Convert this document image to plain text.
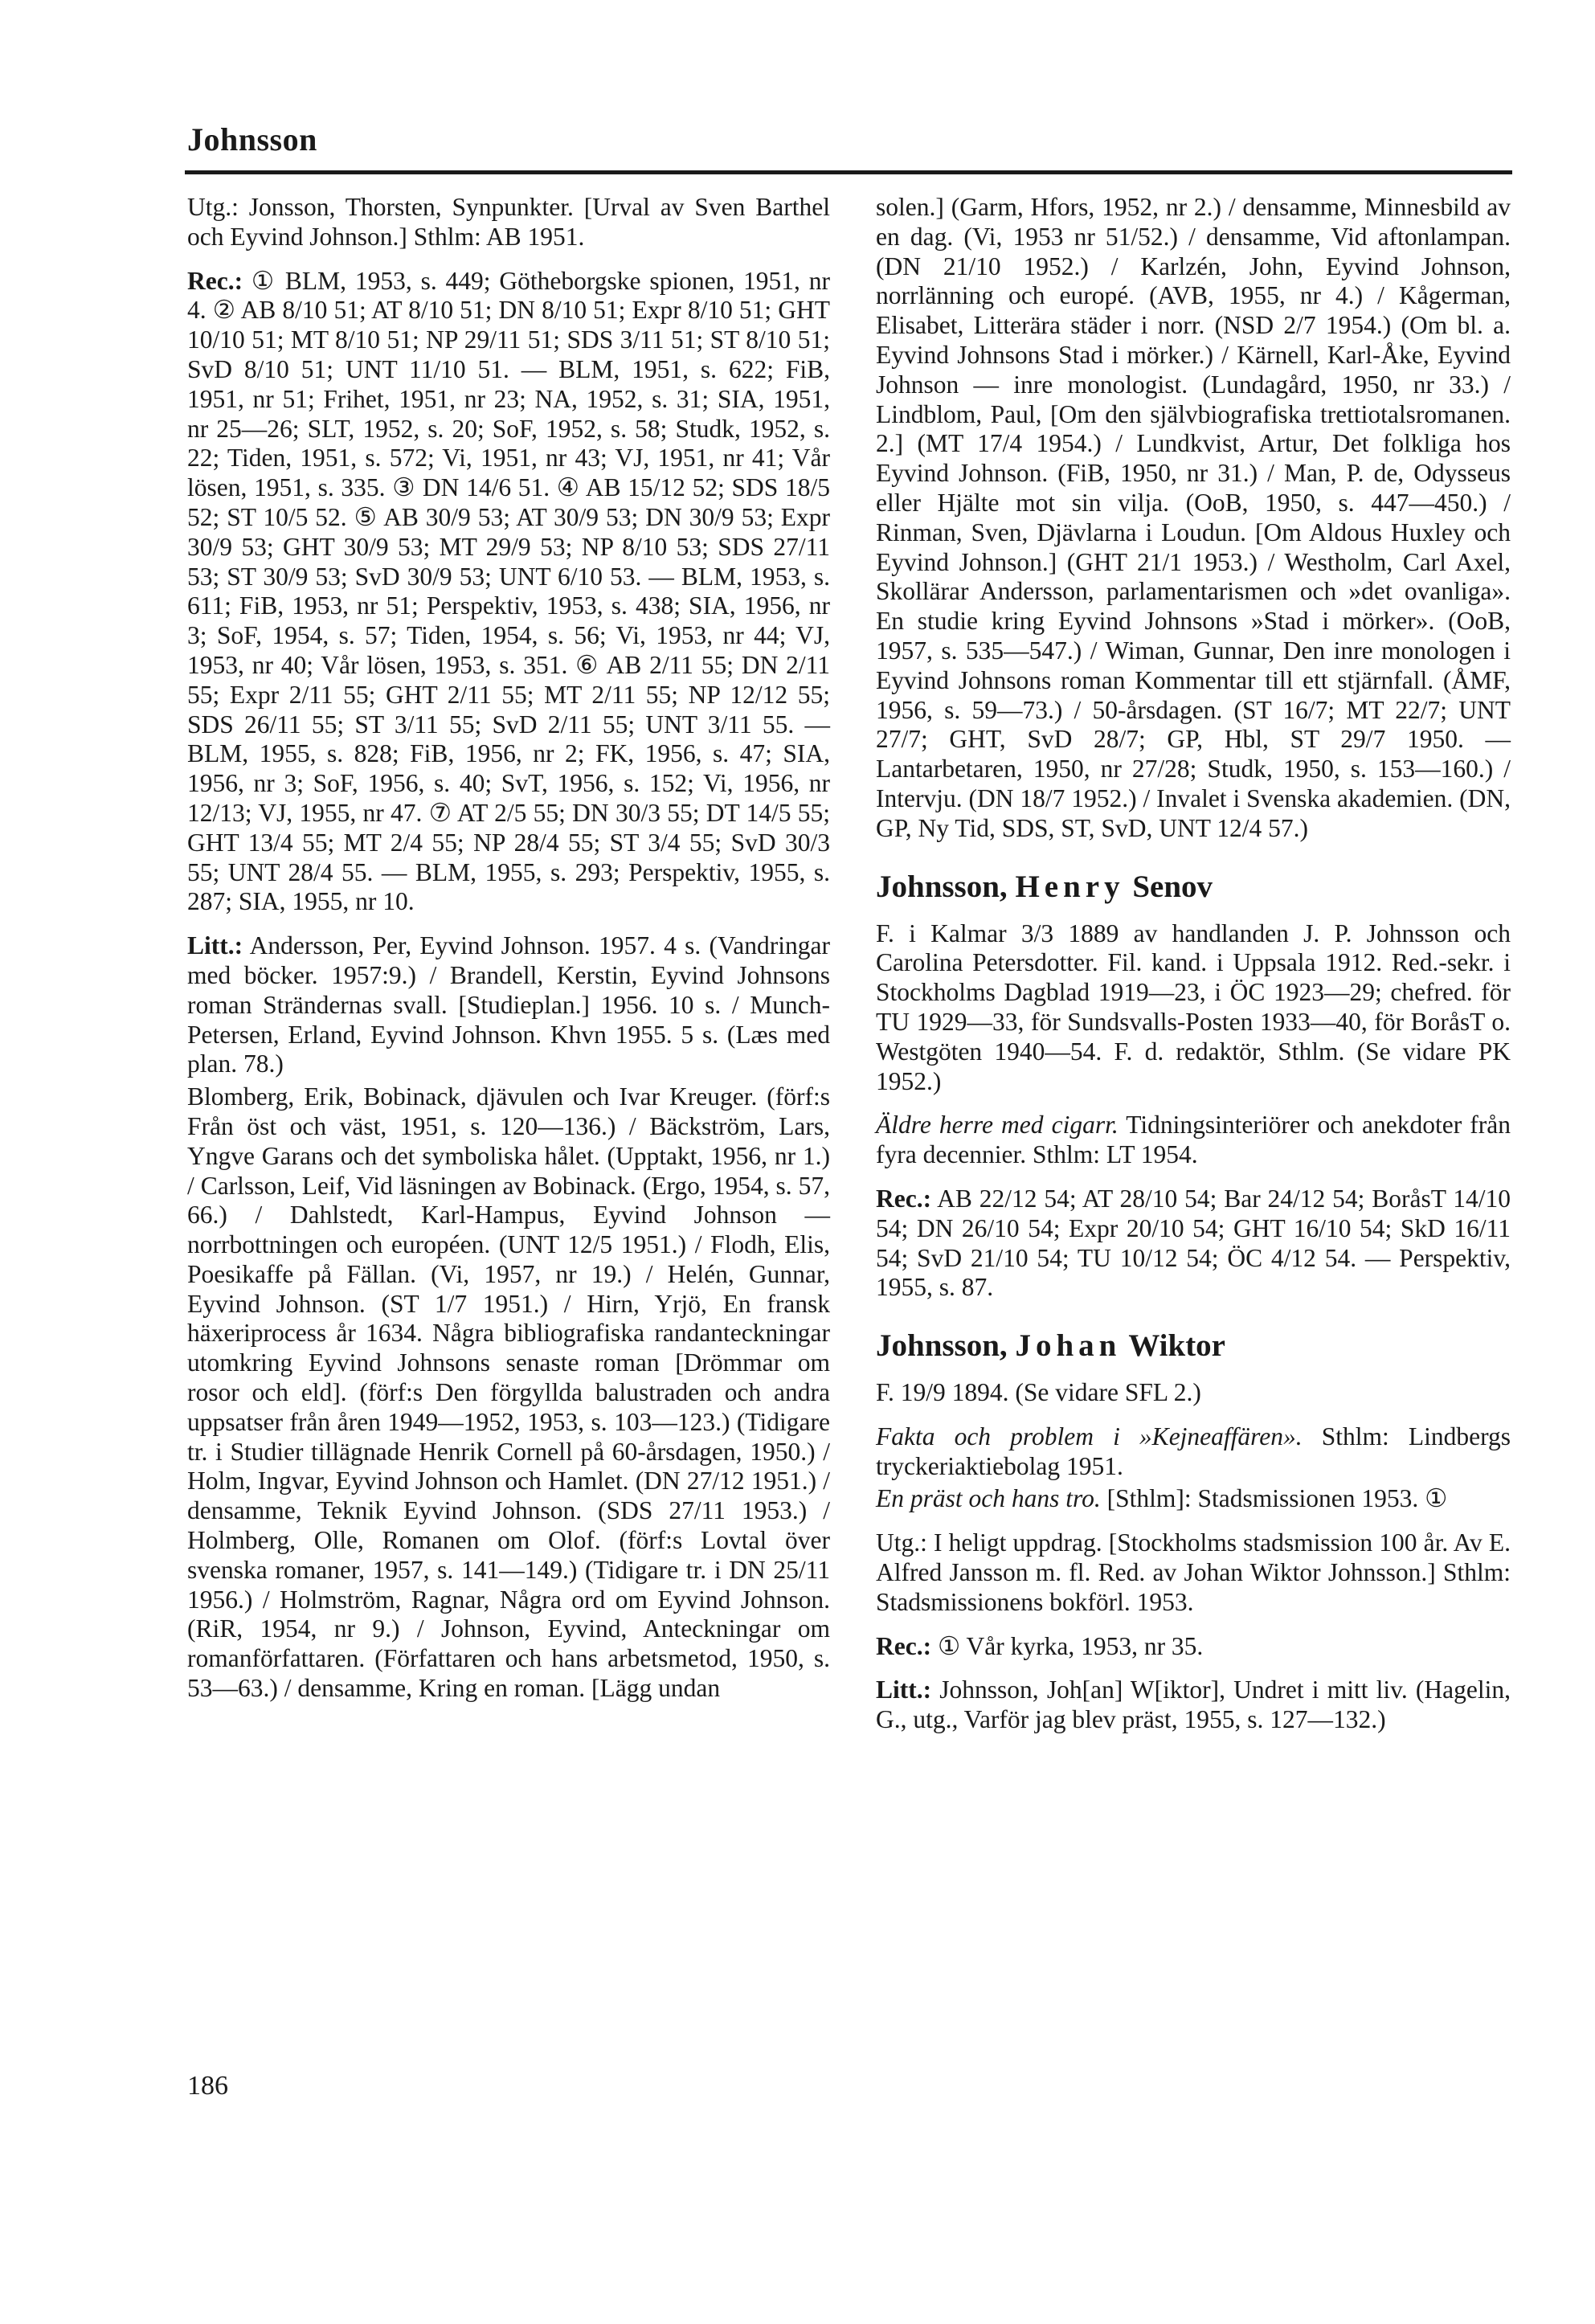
Johnsson

Utg.: Jonsson, Thorsten, Synpunkter. [Urval av Sven Barthel och Eyvind Johnson.] Sthlm: AB 1951.

Rec.: ① BLM, 1953, s. 449; Götheborgske spionen, 1951, nr 4. ② AB 8/10 51; AT 8/10 51; DN 8/10 51; Expr 8/10 51; GHT 10/10 51; MT 8/10 51; NP 29/11 51; SDS 3/11 51; ST 8/10 51; SvD 8/10 51; UNT 11/10 51. — BLM, 1951, s. 622; FiB, 1951, nr 51; Frihet, 1951, nr 23; NA, 1952, s. 31; SIA, 1951, nr 25—26; SLT, 1952, s. 20; SoF, 1952, s. 58; Studk, 1952, s. 22; Tiden, 1951, s. 572; Vi, 1951, nr 43; VJ, 1951, nr 41; Vår lösen, 1951, s. 335. ③ DN 14/6 51. ④ AB 15/12 52; SDS 18/5 52; ST 10/5 52. ⑤ AB 30/9 53; AT 30/9 53; DN 30/9 53; Expr 30/9 53; GHT 30/9 53; MT 29/9 53; NP 8/10 53; SDS 27/11 53; ST 30/9 53; SvD 30/9 53; UNT 6/10 53. — BLM, 1953, s. 611; FiB, 1953, nr 51; Perspektiv, 1953, s. 438; SIA, 1956, nr 3; SoF, 1954, s. 57; Tiden, 1954, s. 56; Vi, 1953, nr 44; VJ, 1953, nr 40; Vår lösen, 1953, s. 351. ⑥ AB 2/11 55; DN 2/11 55; Expr 2/11 55; GHT 2/11 55; MT 2/11 55; NP 12/12 55; SDS 26/11 55; ST 3/11 55; SvD 2/11 55; UNT 3/11 55. — BLM, 1955, s. 828; FiB, 1956, nr 2; FK, 1956, s. 47; SIA, 1956, nr 3; SoF, 1956, s. 40; SvT, 1956, s. 152; Vi, 1956, nr 12/13; VJ, 1955, nr 47. ⑦ AT 2/5 55; DN 30/3 55; DT 14/5 55; GHT 13/4 55; MT 2/4 55; NP 28/4 55; ST 3/4 55; SvD 30/3 55; UNT 28/4 55. — BLM, 1955, s. 293; Perspektiv, 1955, s. 287; SIA, 1955, nr 10.

Litt.: Andersson, Per, Eyvind Johnson. 1957. 4 s. (Vandringar med böcker. 1957:9.) / Brandell, Kerstin, Eyvind Johnsons roman Strändernas svall. [Studieplan.] 1956. 10 s. / Munch-Petersen, Erland, Eyvind Johnson. Khvn 1955. 5 s. (Læs med plan. 78.)

Blomberg, Erik, Bobinack, djävulen och Ivar Kreuger. (förf:s Från öst och väst, 1951, s. 120—136.) / Bäckström, Lars, Yngve Garans och det symboliska hålet. (Upptakt, 1956, nr 1.) / Carlsson, Leif, Vid läsningen av Bobinack. (Ergo, 1954, s. 57, 66.) / Dahlstedt, Karl-Hampus, Eyvind Johnson — norrbottningen och européen. (UNT 12/5 1951.) / Flodh, Elis, Poesikaffe på Fällan. (Vi, 1957, nr 19.) / Helén, Gunnar, Eyvind Johnson. (ST 1/7 1951.) / Hirn, Yrjö, En fransk häxeriprocess år 1634. Några bibliografiska randanteckningar utomkring Eyvind Johnsons senaste roman [Drömmar om rosor och eld]. (förf:s Den förgyllda balustraden och andra uppsatser från åren 1949—1952, 1953, s. 103—123.) (Tidigare tr. i Studier tillägnade Henrik Cornell på 60-årsdagen, 1950.) / Holm, Ingvar, Eyvind Johnson och Hamlet. (DN 27/12 1951.) / densamme, Teknik Eyvind Johnson. (SDS 27/11 1953.) / Holmberg, Olle, Romanen om Olof. (förf:s Lovtal över svenska romaner, 1957, s. 141—149.) (Tidigare tr. i DN 25/11 1956.) / Holmström, Ragnar, Några ord om Eyvind Johnson. (RiR, 1954, nr 9.) / Johnson, Eyvind, Anteckningar om romanförfattaren. (Författaren och hans arbetsmetod, 1950, s. 53—63.) / densamme, Kring en roman. [Lägg undan

solen.] (Garm, Hfors, 1952, nr 2.) / densamme, Minnesbild av en dag. (Vi, 1953 nr 51/52.) / densamme, Vid aftonlampan. (DN 21/10 1952.) / Karlzén, John, Eyvind Johnson, norrlänning och europé. (AVB, 1955, nr 4.) / Kågerman, Elisabet, Litterära städer i norr. (NSD 2/7 1954.) (Om bl. a. Eyvind Johnsons Stad i mörker.) / Kärnell, Karl-Åke, Eyvind Johnson — inre monologist. (Lundagård, 1950, nr 33.) / Lindblom, Paul, [Om den självbiografiska trettiotalsromanen. 2.] (MT 17/4 1954.) / Lundkvist, Artur, Det folkliga hos Eyvind Johnson. (FiB, 1950, nr 31.) / Man, P. de, Odysseus eller Hjälte mot sin vilja. (OoB, 1950, s. 447—450.) / Rinman, Sven, Djävlarna i Loudun. [Om Aldous Huxley och Eyvind Johnson.] (GHT 21/1 1953.) / Westholm, Carl Axel, Skollärar Andersson, parlamentarismen och »det ovanliga». En studie kring Eyvind Johnsons »Stad i mörker». (OoB, 1957, s. 535—547.) / Wiman, Gunnar, Den inre monologen i Eyvind Johnsons roman Kommentar till ett stjärnfall. (ÅMF, 1956, s. 59—73.) / 50-årsdagen. (ST 16/7; MT 22/7; UNT 27/7; GHT, SvD 28/7; GP, Hbl, ST 29/7 1950. — Lantarbetaren, 1950, nr 27/28; Studk, 1950, s. 153—160.) / Intervju. (DN 18/7 1952.) / Invalet i Svenska akademien. (DN, GP, Ny Tid, SDS, ST, SvD, UNT 12/4 57.)

Johnsson, Henry Senov

F. i Kalmar 3/3 1889 av handlanden J. P. Johnsson och Carolina Petersdotter. Fil. kand. i Uppsala 1912. Red.-sekr. i Stockholms Dagblad 1919—23, i ÖC 1923—29; chefred. för TU 1929—33, för Sundsvalls-Posten 1933—40, för BoråsT o. Westgöten 1940—54. F. d. redaktör, Sthlm. (Se vidare PK 1952.)

Äldre herre med cigarr. Tidningsinteriörer och anekdoter från fyra decennier. Sthlm: LT 1954.

Rec.: AB 22/12 54; AT 28/10 54; Bar 24/12 54; BoråsT 14/10 54; DN 26/10 54; Expr 20/10 54; GHT 16/10 54; SkD 16/11 54; SvD 21/10 54; TU 10/12 54; ÖC 4/12 54. — Perspektiv, 1955, s. 87.

Johnsson, Johan Wiktor

F. 19/9 1894. (Se vidare SFL 2.)

Fakta och problem i »Kejneaffären». Sthlm: Lindbergs tryckeriaktiebolag 1951.

En präst och hans tro. [Sthlm]: Stadsmissionen 1953. ①

Utg.: I heligt uppdrag. [Stockholms stadsmission 100 år. Av E. Alfred Jansson m. fl. Red. av Johan Wiktor Johnsson.] Sthlm: Stadsmissionens bokförl. 1953.

Rec.: ① Vår kyrka, 1953, nr 35.

Litt.: Johnsson, Joh[an] W[iktor], Undret i mitt liv. (Hagelin, G., utg., Varför jag blev präst, 1955, s. 127—132.)

186
